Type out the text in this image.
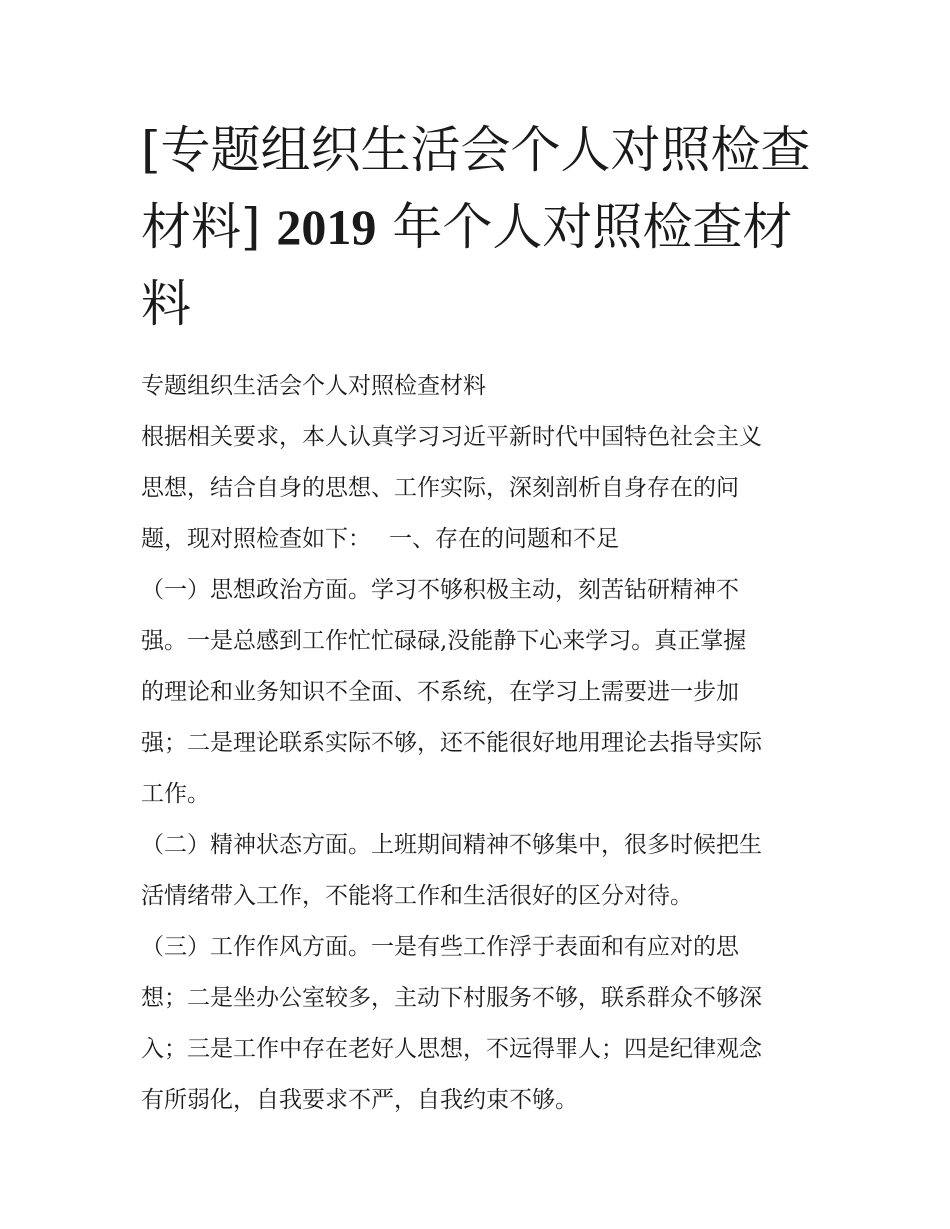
[专题组织生活会个人对照检查
材料] 2019 年个人对照检查材
料
专题组织生活会个人对照检查材料
根据相关要求，本人认真学习习近平新时代中国特色社会主义
思想，结合自身的思想、工作实际，深刻剖析自身存在的问
题，现对照检查如下： 一、存在的问题和不足
（一）思想政治方面。学习不够积极主动，刻苦钻研精神不
强。一是总感到工作忙忙碌碌,没能静下心来学习。真正掌握
的理论和业务知识不全面、不系统，在学习上需要进一步加
强；二是理论联系实际不够，还不能很好地用理论去指导实际
工作。
（二）精神状态方面。上班期间精神不够集中，很多时候把生
活情绪带入工作，不能将工作和生活很好的区分对待。
（三）工作作风方面。一是有些工作浮于表面和有应对的思
想；二是坐办公室较多，主动下村服务不够，联系群众不够深
入；三是工作中存在老好人思想，不远得罪人；四是纪律观念
有所弱化，自我要求不严，自我约束不够。
